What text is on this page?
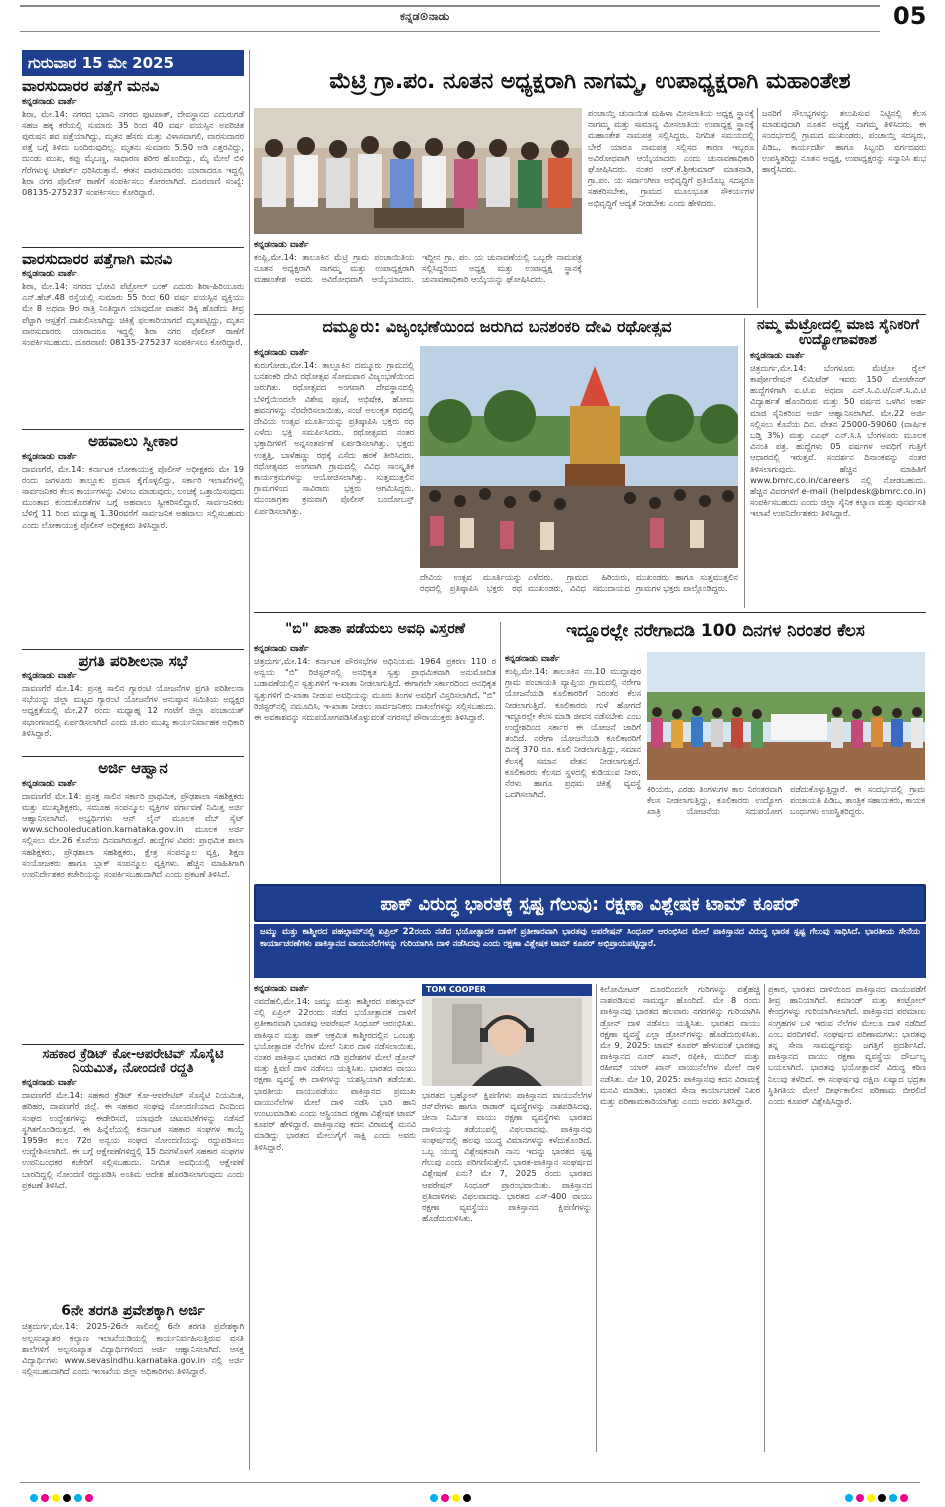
ಕನ್ನಡ⊙ನಾಡು	05
ಗುರುವಾರ 15 ಮೇ 2025
ವಾರಸುದಾರರ ಪತ್ತೆಗೆ ಮನವಿ
ಕನ್ನಡನಾಡು ವಾರ್ತೆ
ಶಿರಾ, ಮೇ.14: ನಗರದ ಭವಾನಿ ನಗರದ ಫುಟಪಾತ್, ದೇವಸ್ಥಾನದ ಎದುರುಗಡೆ ಸಹಜ ಹಕ್ಕ ಕರೆಯಲ್ಲಿ ಸುಮಾರು 35 ರಿಂದ 40 ವರ್ಷ ವಯಸ್ಸಿನ ಅಪರಿಚಿತ ಪುರುಷನ ಶವ ಪತ್ತೆಯಾಗಿದ್ದು, ಮೃತನ ಹೆಸರು ಮತ್ತು ವಿಳಾಸವಾಗಲಿ, ವಾರಸುದಾರರ ಪತ್ತೆ ಬಗ್ಗೆ ತಿಳಿದು ಬಂದಿರುವುದಿಲ್ಲ. ಮೃತನು ಸುಮಾರು 5.50 ಅಡಿ ಎತ್ತರವಿದ್ದು, ದುಂಡು ಮುಖ, ಕಪ್ಪು ಮೈಬಣ್ಣ, ಸಾಧಾರಣ ಶರೀರ ಹೊಂದಿದ್ದು, ಮೈ ಮೇಲೆ ಬಿಳಿ ಗೆರೆಗಳುಳ್ಳ ಟೀಶರ್ಟ್ ಧರಿಸಿರುತ್ತಾನೆ. ಈತನ ವಾರಸುದಾರರು ಯಾರಾದರೂ ಇದ್ದಲ್ಲಿ ಶಿರಾ ನಗರ ಪೊಲೀಸ್ ಠಾಣೆಗೆ ಸಂಪರ್ಕಿಸಲು ಕೋರಲಾಗಿದೆ. ದೂರವಾಣಿ ಸಂಖ್ಯೆ: 08135-275237 ಸಂಪರ್ಕಿಸಲು ಕೋರಿದ್ದಾರೆ.
ವಾರಸುದಾರರ ಪತ್ತೆಗಾಗಿ ಮನವಿ
ಕನ್ನಡನಾಡು ವಾರ್ತೆ
ಶಿರಾ, ಮೇ.14: ನಗರದ ಭೋವಿ ಪೆಟ್ರೋಲ್ ಬಂಕ್ ಎದುರು ಶಿರಾ-ಹಿರಿಯೂರು ಎನ್.ಹೆಚ್.48 ರಸ್ತೆಯಲ್ಲಿ ಸುಮಾರು 55 ರಿಂದ 60 ವರ್ಷ ವಯಸ್ಸಿನ ವ್ಯಕ್ತಿಯು ಮೇ 8 ಅಥವಾ 9ರ ರಾತ್ರಿ ನಿಂತಿದ್ದಾಗ ಯಾವುದೋ ವಾಹನ ಡಿಕ್ಕಿ ಹೊಡೆದು ತೀವ್ರ ಪೆಟ್ಟಾಗಿ ಆಸ್ಪತ್ರೆಗೆ ದಾಖಲಿಸಲಾಗಿದ್ದು ಚಿಕಿತ್ಸೆ ಫಲಕಾರಿಯಾಗದೆ ಮೃತಪಟ್ಟಿದ್ದು, ಮೃತನ ವಾರಸುದಾರರು ಯಾರಾದರೂ ಇದ್ದಲ್ಲಿ ಶಿರಾ ನಗರ ಪೊಲೀಸ್ ಠಾಣೆಗೆ ಸಂಪರ್ಕಿಸಬಹುದು. ದೂರವಾಣಿ: 08135-275237 ಸಂಪರ್ಕಿಸಲು ಕೋರಿದ್ದಾರೆ.
ಅಹವಾಲು ಸ್ವೀಕಾರ
ಕನ್ನಡನಾಡು ವಾರ್ತೆ
ದಾವಣಗೆರೆ, ಮೇ.14: ಕರ್ನಾಟಕ ಲೋಕಾಯುಕ್ತ ಪೊಲೀಸ್ ಅಧೀಕ್ಷಕರು ಮೇ 19 ರಂದು ಜಗಳೂರು ತಾಲ್ಲೂಕು ಪ್ರವಾಸ ಕೈಗೊಳ್ಳಲಿದ್ದು, ಸರ್ಕಾರಿ ಇಲಾಖೆಗಳಲ್ಲಿ ಸಾರ್ವಜನಿಕರ ಕೆಲಸ ಕಾರ್ಯಗಳನ್ನು ವಿಳಂಬ ಮಾಡುವುದು, ಲಂಚಕ್ಕೆ ಒತ್ತಾಯಿಸುವುದು ಮುಂತಾದ ಕುಂದುಕೊರತೆಗಳ ಬಗ್ಗೆ ಅಹವಾಲು ಸ್ವೀಕರಿಸಲಿದ್ದಾರೆ. ಸಾರ್ವಜನಿಕರು ಬೆಳಿಗ್ಗೆ 11 ರಿಂದ ಮಧ್ಯಾಹ್ನ 1.30ರವರೆಗೆ ಸಾರ್ವಜನಿಕ ಅಹವಾಲು ಸಲ್ಲಿಸಬಹುದು ಎಂದು ಲೋಕಾಯುಕ್ತ ಪೊಲೀಸ್ ಅಧೀಕ್ಷಕರು ತಿಳಿಸಿದ್ದಾರೆ.
ಪ್ರಗತಿ ಪರಿಶೀಲನಾ ಸಭೆ
ಕನ್ನಡನಾಡು ವಾರ್ತೆ
ದಾವಣಗೆರೆ ಮೇ.14: ಪ್ರಸಕ್ತ ಸಾಲಿನ ಗ್ಯಾರಂಟಿ ಯೋಜನೆಗಳ ಪ್ರಗತಿ ಪರಿಶೀಲನಾ ಸಭೆಯನ್ನು ಜಿಲ್ಲಾ ಮಟ್ಟದ ಗ್ಯಾರಂಟಿ ಯೋಜನೆಗಳ ಅನುಷ್ಠಾನ ಸಮಿತಿಯ ಅಧ್ಯಕ್ಷರ ಅಧ್ಯಕ್ಷತೆಯಲ್ಲಿ ಮೇ.27 ರಂದು ಮಧ್ಯಾಹ್ನ 12 ಗಂಟೆಗೆ ಜಿಲ್ಲಾ ಪಂಚಾಯತ್ ಸಭಾಂಗಣದಲ್ಲಿ ಏರ್ಪಡಿಸಲಾಗಿದೆ ಎಂದು ಜಿ.ಪಂ ಮುಖ್ಯ ಕಾರ್ಯನಿರ್ವಾಹಕ ಅಧಿಕಾರಿ ತಿಳಿಸಿದ್ದಾರೆ.
ಅರ್ಜಿ ಆಹ್ವಾನ
ಕನ್ನಡನಾಡು ವಾರ್ತೆ
ದಾವಣಗೆರೆ ಮೇ.14: ಪ್ರಸಕ್ತ ಸಾಲಿನ ಸರ್ಕಾರಿ ಪ್ರಾಥಮಿಕ, ಪ್ರೌಢಶಾಲಾ ಸಹಶಿಕ್ಷಕರು ಮತ್ತು ಮುಖ್ಯಶಿಕ್ಷಕರು, ಸಮೂಹ ಸಂಪನ್ಮೂಲ ವ್ಯಕ್ತಿಗಳ ವರ್ಗಾವಣೆ ನಿಮಿತ್ತ ಅರ್ಜಿ ಆಹ್ವಾನಿಸಲಾಗಿದೆ. ಅಭ್ಯರ್ಥಿಗಳು ಆನ್ ಲೈನ್ ಮೂಲಕ ವೆಬ್ ಸೈಟ್ www.schooleducation.karnataka.gov.in ಮೂಲಕ ಅರ್ಜಿ ಸಲ್ಲಿಸಲು ಮೇ.26 ಕೊನೆಯ ದಿನವಾಗಿರುತ್ತದೆ. ಹುದ್ದೆಗಳ ವಿವರ: ಪ್ರಾಥಮಿಕ ಶಾಲಾ ಸಹಶಿಕ್ಷಕರು, ಪ್ರೌಢಶಾಲಾ ಸಹಶಿಕ್ಷಕರು, ಕ್ಷೇತ್ರ ಸಂಪನ್ಮೂಲ ವ್ಯಕ್ತಿ, ಶಿಕ್ಷಣ ಸಂಯೋಜಕರು ಹಾಗೂ ಬ್ಲಾಕ್ ಸಂಪನ್ಮೂಲ ವ್ಯಕ್ತಿಗಳು. ಹೆಚ್ಚಿನ ಮಾಹಿತಿಗಾಗಿ ಉಪನಿರ್ದೇಶಕರ ಕಚೇರಿಯನ್ನು ಸಂಪರ್ಕಿಸಬಹುದಾಗಿದೆ ಎಂದು ಪ್ರಕಟಣೆ ತಿಳಿಸಿದೆ.
ಸಹಕಾರ ಕ್ರೆಡಿಟ್ ಕೋ-ಆಪರೇಟಿವ್ ಸೊಸೈಟಿ ನಿಯಮಿತ, ನೋಂದಣಿ ರದ್ದತಿ
ಕನ್ನಡನಾಡು ವಾರ್ತೆ
ದಾವಣಗೆರೆ ಮೇ.14: ಸಹಕಾರ ಕ್ರೆಡಿಟ್ ಕೋ-ಆಪರೇಟಿವ್ ಸೊಸೈಟಿ ನಿಯಮಿತ, ಹರಿಹರ, ದಾವಣಗೆರೆ ಜಿಲ್ಲೆ. ಈ ಸಹಕಾರ ಸಂಘವು ನೋಂದಣಿಯಾದ ದಿನದಿಂದ ಸಂಘದ ಉದ್ದೇಶಗಳನ್ನು ಈಡೇರಿಸದೆ, ಯಾವುದೇ ಚಟುವಟಿಕೆಗಳನ್ನು ನಡೆಸದೆ ಸ್ಥಗಿತಗೊಂಡಿರುತ್ತದೆ. ಈ ಹಿನ್ನೆಲೆಯಲ್ಲಿ ಕರ್ನಾಟಕ ಸಹಕಾರ ಸಂಘಗಳ ಕಾಯ್ದೆ 1959ರ ಕಲಂ 72ರ ಅನ್ವಯ ಸಂಘದ ನೋಂದಣಿಯನ್ನು ರದ್ದುಪಡಿಸಲು ಉದ್ದೇಶಿಸಲಾಗಿದೆ. ಈ ಬಗ್ಗೆ ಆಕ್ಷೇಪಣೆಗಳಿದ್ದಲ್ಲಿ 15 ದಿನಗಳೊಳಗೆ ಸಹಕಾರ ಸಂಘಗಳ ಉಪನಿಬಂಧಕರ ಕಚೇರಿಗೆ ಸಲ್ಲಿಸಬಹುದು. ನಿಗದಿತ ಅವಧಿಯಲ್ಲಿ ಆಕ್ಷೇಪಣೆ ಬಾರದಿದ್ದಲ್ಲಿ ನೋಂದಣಿ ರದ್ದುಪಡಿಸಿ ಅಂತಿಮ ಆದೇಶ ಹೊರಡಿಸಲಾಗುವುದು ಎಂದು ಪ್ರಕಟಣೆ ತಿಳಿಸಿದೆ.
6ನೇ ತರಗತಿ ಪ್ರವೇಶಕ್ಕಾಗಿ ಅರ್ಜಿ
ಚಿತ್ರದುರ್ಗ,ಮೇ.14: 2025-26ನೇ ಸಾಲಿನಲ್ಲಿ 6ನೇ ತರಗತಿ ಪ್ರವೇಶಕ್ಕಾಗಿ ಅಲ್ಪಸಂಖ್ಯಾತರ ಕಲ್ಯಾಣ ಇಲಾಖೆಯಡಿಯಲ್ಲಿ ಕಾರ್ಯನಿರ್ವಹಿಸುತ್ತಿರುವ ವಸತಿ ಶಾಲೆಗಳಿಗೆ ಅಲ್ಪಸಂಖ್ಯಾತ ವಿದ್ಯಾರ್ಥಿಗಳಿಂದ ಅರ್ಜಿ ಆಹ್ವಾನಿಸಲಾಗಿದೆ. ಆಸಕ್ತ ವಿದ್ಯಾರ್ಥಿಗಳು www.sevasindhu.karnataka.gov.in ನಲ್ಲಿ ಅರ್ಜಿ ಸಲ್ಲಿಸಬಹುದಾಗಿದೆ ಎಂದು ಇಲಾಖೆಯ ಜಿಲ್ಲಾ ಅಧಿಕಾರಿಗಳು ತಿಳಿಸಿದ್ದಾರೆ.
ಮೆಟ್ರಿ ಗ್ರಾ.ಪಂ. ನೂತನ ಅಧ್ಯಕ್ಷರಾಗಿ ನಾಗಮ್ಮ, ಉಪಾಧ್ಯಕ್ಷರಾಗಿ ಮಹಾಂತೇಶ
ಕನ್ನಡನಾಡು ವಾರ್ತೆ
ಕಂಪ್ಲಿ,ಮೇ.14: ತಾಲೂಕಿನ ಮೆಟ್ರಿ ಗ್ರಾಮ ಪಂಚಾಯಿತಿಯ ನೂತನ ಅಧ್ಯಕ್ಷರಾಗಿ ನಾಗಮ್ಮ ಮತ್ತು ಉಪಾಧ್ಯಕ್ಷರಾಗಿ ಮಹಾಂತೇಶ ಅವರು ಅವಿರೋಧವಾಗಿ ಆಯ್ಕೆಯಾದರು. ಇದ್ದೀನ ಗ್ರಾ. ಪಂ. ಯ ಚುನಾವಣೆಯಲ್ಲಿ ಒಬ್ಬರೇ ನಾಮಪತ್ರ ಸಲ್ಲಿಸಿದ್ದರಿಂದ ಅಧ್ಯಕ್ಷ ಮತ್ತು ಉಪಾಧ್ಯಕ್ಷ ಸ್ಥಾನಕ್ಕೆ ಚುನಾವಣಾಧಿಕಾರಿ ಆಯ್ಕೆಯನ್ನು ಘೋಷಿಸಿದರು.
ಪಂಚಾಯ್ತಿ ಚುನಾಯಿತ ಮಹಿಳಾ ಮೀಸಲಾತಿಯ ಅಧ್ಯಕ್ಷ ಸ್ಥಾನಕ್ಕೆ ನಾಗಮ್ಮ ಮತ್ತು ಸಾಮಾನ್ಯ ಮೀಸಲಾತಿಯ ಉಪಾಧ್ಯಕ್ಷ ಸ್ಥಾನಕ್ಕೆ ಮಹಾಂತೇಶ ನಾಮಪತ್ರ ಸಲ್ಲಿಸಿದ್ದರು. ನಿಗದಿತ ಸಮಯದಲ್ಲಿ ಬೇರೆ ಯಾರೂ ನಾಮಪತ್ರ ಸಲ್ಲಿಸದ ಕಾರಣ ಇಬ್ಬರೂ ಅವಿರೋಧವಾಗಿ ಆಯ್ಕೆಯಾದರು ಎಂದು ಚುನಾವಣಾಧಿಕಾರಿ ಘೋಷಿಸಿದರು. ನಂತರ ಆರ್.ಕೆ.ಶ್ರೀಕುಮಾರ್ ಮಾತನಾಡಿ, ಗ್ರಾ.ಪಂ. ಯ ಸರ್ವಾಂಗೀಣ ಅಭಿವೃದ್ಧಿಗೆ ಪ್ರತಿಯೊಬ್ಬ ಸದಸ್ಯರೂ ಸಹಕರಿಸಬೇಕು, ಗ್ರಾಮದ ಮೂಲಭೂತ ಸೌಕರ್ಯಗಳ ಅಭಿವೃದ್ಧಿಗೆ ಆದ್ಯತೆ ನೀಡಬೇಕು ಎಂದು ಹೇಳಿದರು.
ಜನರಿಗೆ ಸೌಲಭ್ಯಗಳನ್ನು ತಲುಪಿಸುವ ನಿಟ್ಟಿನಲ್ಲಿ ಕೆಲಸ ಮಾಡುವುದಾಗಿ ನೂತನ ಅಧ್ಯಕ್ಷೆ ನಾಗಮ್ಮ ತಿಳಿಸಿದರು. ಈ ಸಂದರ್ಭದಲ್ಲಿ ಗ್ರಾಮದ ಮುಖಂಡರು, ಪಂಚಾಯ್ತಿ ಸದಸ್ಯರು, ಪಿಡಿಒ, ಕಾರ್ಯದರ್ಶಿ ಹಾಗೂ ಸಿಬ್ಬಂದಿ ವರ್ಗದವರು ಉಪಸ್ಥಿತರಿದ್ದು ನೂತನ ಅಧ್ಯಕ್ಷ, ಉಪಾಧ್ಯಕ್ಷರನ್ನು ಸನ್ಮಾನಿಸಿ ಶುಭ ಹಾರೈಸಿದರು.
ದಮ್ಮೂರು: ವಿಜೃಂಭಣೆಯಿಂದ ಜರುಗಿದ ಬನಶಂಕರಿ ದೇವಿ ರಥೋತ್ಸವ
ಕನ್ನಡನಾಡು ವಾರ್ತೆ
ಕುರುಗೋಡು,ಮೇ.14: ತಾಲ್ಲೂಕಿನ ದಮ್ಮೂರು ಗ್ರಾಮದಲ್ಲಿ ಬನಶಂಕರಿ ದೇವಿ ರಥೋತ್ಸವ ಸೋಮವಾರ ವಿಜೃಂಭಣೆಯಿಂದ ಜರುಗಿತು. ರಥೋತ್ಸವದ ಅಂಗವಾಗಿ ದೇವಸ್ಥಾನದಲ್ಲಿ ಬೆಳಿಗ್ಗೆಯಿಂದಲೇ ವಿಶೇಷ ಪೂಜೆ, ಅಭಿಷೇಕ, ಹೋಮ ಹವನಗಳನ್ನು ನೆರವೇರಿಸಲಾಯಿತು. ಸಂಜೆ ಅಲಂಕೃತ ರಥದಲ್ಲಿ ದೇವಿಯ ಉತ್ಸವ ಮೂರ್ತಿಯನ್ನು ಪ್ರತಿಷ್ಠಾಪಿಸಿ ಭಕ್ತರು ರಥ ಎಳೆದು ಭಕ್ತಿ ಸಮರ್ಪಿಸಿದರು. ರಥೋತ್ಸವದ ನಂತರ ಭಕ್ತಾದಿಗಳಿಗೆ ಅನ್ನಸಂತರ್ಪಣೆ ಏರ್ಪಡಿಸಲಾಗಿತ್ತು. ಭಕ್ತರು ಉತ್ತತ್ತಿ, ಬಾಳೆಹಣ್ಣು ರಥಕ್ಕೆ ಎಸೆದು ಹರಕೆ ತೀರಿಸಿದರು. ರಥೋತ್ಸವದ ಅಂಗವಾಗಿ ಗ್ರಾಮದಲ್ಲಿ ವಿವಿಧ ಸಾಂಸ್ಕೃತಿಕ ಕಾರ್ಯಕ್ರಮಗಳನ್ನು ಆಯೋಜಿಸಲಾಗಿತ್ತು. ಸುತ್ತಮುತ್ತಲಿನ ಗ್ರಾಮಗಳಿಂದ ಸಾವಿರಾರು ಭಕ್ತರು ಆಗಮಿಸಿದ್ದರು. ಮುಂಜಾಗ್ರತಾ ಕ್ರಮವಾಗಿ ಪೊಲೀಸ್ ಬಂದೋಬಸ್ತ್ ಏರ್ಪಡಿಸಲಾಗಿತ್ತು.
ದೇವಿಯ ಉತ್ಸವ ಮೂರ್ತಿಯನ್ನು ರಥದಲ್ಲಿ ಪ್ರತಿಷ್ಠಾಪಿಸಿ ಭಕ್ತರು ರಥ ಎಳೆದರು. ಗ್ರಾಮದ ಹಿರಿಯರು, ಮುಖಂಡರು, ವಿವಿಧ ಸಮುದಾಯದ ಮುಖಂಡರು ಹಾಗೂ ಸುತ್ತಮುತ್ತಲಿನ ಗ್ರಾಮಗಳ ಭಕ್ತರು ಪಾಲ್ಗೊಂಡಿದ್ದರು.
ನಮ್ಮ ಮೆಟ್ರೋದಲ್ಲಿ ಮಾಜಿ ಸೈನಿಕರಿಗೆ ಉದ್ಯೋಗಾವಕಾಶ
ಕನ್ನಡನಾಡು ವಾರ್ತೆ
ಚಿತ್ರದುರ್ಗ,ಮೇ.14: ಬೆಂಗಳೂರು ಮೆಟ್ರೋ ರೈಲ್ ಕಾರ್ಪೋರೇಷನ್ ಲಿಮಿಟೆಡ್ ಇವರು 150 ಮೇಂಟೇನರ್ ಹುದ್ದೆಗಳಿಗಾಗಿ ಐ.ಟಿ.ಐ ಅಥವಾ ಎನ್.ಸಿ.ವಿ.ಟಿ/ಎಸ್.ಸಿ.ವಿ.ಟಿ ವಿದ್ಯಾರ್ಹತೆ ಹೊಂದಿರುವ ಮತ್ತು 50 ವರ್ಷದ ಒಳಗಿನ ಅರ್ಹ ಮಾಜಿ ಸೈನಿಕರಿಂದ ಅರ್ಜಿ ಆಹ್ವಾನಿಸಲಾಗಿದೆ. ಮೇ.22 ಅರ್ಜಿ ಸಲ್ಲಿಸಲು ಕೊನೆಯ ದಿನ. ವೇತನ 25000-59060 (ವಾರ್ಷಿಕ ಬಡ್ತಿ 3%) ಮತ್ತು ಎಎಫ್ ಎನ್.ಸಿ.ಸಿ ಬೆಂಗಳೂರು ಮೂಲಕ ವಿನಂತಿ ಪತ್ರ. ಹುದ್ದೆಗಳು 05 ವರ್ಷಗಳ ಅವಧಿಗೆ ಗುತ್ತಿಗೆ ಆಧಾರದಲ್ಲಿ ಇರುತ್ತವೆ. ಸಂದರ್ಶನ ದಿನಾಂಕವನ್ನು ನಂತರ ತಿಳಿಸಲಾಗುವುದು. ಹೆಚ್ಚಿನ ಮಾಹಿತಿಗೆ www.bmrc.co.in/careers ನಲ್ಲಿ ನೋಡಬಹುದು. ಹೆಚ್ಚಿನ ವಿವರಗಳಿಗೆ e-mail (helpdesk@bmrc.co.in) ಸಂಪರ್ಕಿಸಬಹುದು ಎಂದು ಜಿಲ್ಲಾ ಸೈನಿಕ ಕಲ್ಯಾಣ ಮತ್ತು ಪುನರ್ವಸತಿ ಇಲಾಖೆ ಉಪನಿರ್ದೇಶಕರು ತಿಳಿಸಿದ್ದಾರೆ.
"ಬಿ" ಖಾತಾ ಪಡೆಯಲು ಅವಧಿ ವಿಸ್ತರಣೆ
ಕನ್ನಡನಾಡು ವಾರ್ತೆ
ಚಿತ್ರದುರ್ಗ,ಮೇ.14: ಕರ್ನಾಟಕ ಪೌರಸಭೆಗಳ ಅಧಿನಿಯಮ 1964 ಪ್ರಕರಣ 110 ರ ಅನ್ವಯ "ಬಿ" ರಿಜಿಸ್ಟರ್‌ನಲ್ಲಿ ಅನಧಿಕೃತ ಸ್ವತ್ತು ಪ್ರಾಥಮಿಕವಾಗಿ ಅನುಮೋದಿತ ಬಡಾವಣೆಯಲ್ಲಿನ ಸ್ವತ್ತುಗಳಿಗೆ ಇ-ಖಾತಾ ನೀಡಲಾಗುತ್ತಿದೆ. ಈಗಾಗಲೇ ಸರ್ಕಾರದಿಂದ ಅನಧಿಕೃತ ಸ್ವತ್ತುಗಳಿಗೆ ಬಿ-ಖಾತಾ ನೀಡುವ ಅವಧಿಯನ್ನು ಮೂರು ತಿಂಗಳ ಅವಧಿಗೆ ವಿಸ್ತರಿಸಲಾಗಿದೆ. "ಬಿ" ರಿಜಿಸ್ಟರ್‌ನಲ್ಲಿ ನಮೂದಿಸಿ, ಇ-ಖಾತಾ ನೀಡಲು ಸಾರ್ವಜನಿಕರು ದಾಖಲೆಗಳನ್ನು ಸಲ್ಲಿಸಬಹುದು. ಈ ಅವಕಾಶವನ್ನು ಸದುಪಯೋಗಪಡಿಸಿಕೊಳ್ಳುವಂತೆ ನಗರಸಭೆ ಪೌರಾಯುಕ್ತರು ತಿಳಿಸಿದ್ದಾರೆ.
ಇದ್ದೂರಲ್ಲೇ ನರೇಗಾದಡಿ 100 ದಿನಗಳ ನಿರಂತರ ಕೆಲಸ
ಕನ್ನಡನಾಡು ವಾರ್ತೆ
ಕಂಪ್ಲಿ,ಮೇ.14: ತಾಲೂಕಿನ ನಂ.10 ಮುದ್ದಾಪುರ ಗ್ರಾಮ ಪಂಚಾಯತಿ ವ್ಯಾಪ್ತಿಯ ಗ್ರಾಮದಲ್ಲಿ ನರೇಗಾ ಯೋಜನೆಯಡಿ ಕೂಲಿಕಾರರಿಗೆ ನಿರಂತರ ಕೆಲಸ ನೀಡಲಾಗುತ್ತಿದೆ. ಕೂಲಿಕಾರರು ಗುಳೆ ಹೋಗದೆ ಇದ್ದೂರಲ್ಲೇ ಕೆಲಸ ಮಾಡಿ ಜೀವನ ನಡೆಸಬೇಕು ಎಂಬ ಉದ್ದೇಶದಿಂದ ಸರ್ಕಾರ ಈ ಯೋಜನೆ ಜಾರಿಗೆ ತಂದಿದೆ. ನರೇಗಾ ಯೋಜನೆಯಡಿ ಕೂಲಿಕಾರರಿಗೆ ದಿನಕ್ಕೆ 370 ರೂ. ಕೂಲಿ ನೀಡಲಾಗುತ್ತಿದ್ದು, ಸಮಾನ ಕೆಲಸಕ್ಕೆ ಸಮಾನ ವೇತನ ನೀಡಲಾಗುತ್ತದೆ. ಕೂಲಿಕಾರರು ಕೆಲಸದ ಸ್ಥಳದಲ್ಲಿ ಕುಡಿಯುವ ನೀರು, ನೆರಳು ಹಾಗೂ ಪ್ರಥಮ ಚಿಕಿತ್ಸೆ ವ್ಯವಸ್ಥೆ ಒದಗಿಸಲಾಗಿದೆ.
ಕಿರಿಯರು, ಎರಡು ತಿಂಗಳುಗಳ ಕಾಲ ನಿರಂತರವಾಗಿ ಕೆಲಸ ನೀಡಲಾಗುತ್ತಿದ್ದು, ಕೂಲಿಕಾರರು ಉದ್ಯೋಗ ಖಾತ್ರಿ ಯೋಜನೆಯ ಸದುಪಯೋಗ ಪಡೆದುಕೊಳ್ಳುತ್ತಿದ್ದಾರೆ. ಈ ಸಂದರ್ಭದಲ್ಲಿ ಗ್ರಾಮ ಪಂಚಾಯತಿ ಪಿಡಿಒ, ತಾಂತ್ರಿಕ ಸಹಾಯಕರು, ಕಾಯಕ ಬಂಧುಗಳು ಉಪಸ್ಥಿತರಿದ್ದರು.
ಪಾಕ್ ವಿರುದ್ಧ ಭಾರತಕ್ಕೆ ಸ್ಪಷ್ಟ ಗೆಲುವು: ರಕ್ಷಣಾ ವಿಶ್ಲೇಷಕ ಟಾಮ್ ಕೂಪರ್
ಜಮ್ಮು ಮತ್ತು ಕಾಶ್ಮೀರದ ಪಹಲ್ಗಾಮ್‌ನಲ್ಲಿ ಏಪ್ರಿಲ್ 22ರಂದು ನಡೆದ ಭಯೋತ್ಪಾದಕ ದಾಳಿಗೆ ಪ್ರತೀಕಾರವಾಗಿ ಭಾರತವು ಆಪರೇಷನ್ ಸಿಂಧೂರ್ ಆರಂಭಿಸಿದ ಮೇಲೆ ಪಾಕಿಸ್ತಾನದ ವಿರುದ್ಧ ಭಾರತ ಸ್ಪಷ್ಟ ಗೆಲುವು ಸಾಧಿಸಿದೆ. ಭಾರತೀಯ ಸೇನೆಯ ಕಾರ್ಯಾಚರಣೆಗಳು ಪಾಕಿಸ್ತಾನದ ವಾಯುನೆಲೆಗಳನ್ನು ಗುರಿಯಾಗಿಸಿ ದಾಳಿ ನಡೆಸಿದವು ಎಂದು ರಕ್ಷಣಾ ವಿಶ್ಲೇಷಕ ಟಾಮ್ ಕೂಪರ್ ಅಭಿಪ್ರಾಯಪಟ್ಟಿದ್ದಾರೆ.
ಕನ್ನಡನಾಡು ವಾರ್ತೆ
ನವದೆಹಲಿ,ಮೇ.14: ಜಮ್ಮು ಮತ್ತು ಕಾಶ್ಮೀರದ ಪಹಲ್ಗಾಮ್ ನಲ್ಲಿ ಏಪ್ರಿಲ್ 22ರಂದು ನಡೆದ ಭಯೋತ್ಪಾದಕ ದಾಳಿಗೆ ಪ್ರತೀಕಾರವಾಗಿ ಭಾರತವು ಆಪರೇಷನ್ ಸಿಂಧೂರ್ ಆರಂಭಿಸಿತು. ಪಾಕಿಸ್ತಾನ ಮತ್ತು ಪಾಕ್ ಆಕ್ರಮಿತ ಕಾಶ್ಮೀರದಲ್ಲಿನ ಒಂಬತ್ತು ಭಯೋತ್ಪಾದಕ ನೆಲೆಗಳ ಮೇಲೆ ನಿಖರ ದಾಳಿ ನಡೆಸಲಾಯಿತು. ನಂತರ ಪಾಕಿಸ್ತಾನ ಭಾರತದ ಗಡಿ ಪ್ರದೇಶಗಳ ಮೇಲೆ ಡ್ರೋನ್ ಮತ್ತು ಕ್ಷಿಪಣಿ ದಾಳಿ ನಡೆಸಲು ಯತ್ನಿಸಿತು. ಭಾರತದ ವಾಯು ರಕ್ಷಣಾ ವ್ಯವಸ್ಥೆ ಈ ದಾಳಿಗಳನ್ನು ಯಶಸ್ವಿಯಾಗಿ ತಡೆಯಿತು. ಭಾರತೀಯ ವಾಯುಪಡೆಯು ಪಾಕಿಸ್ತಾನದ ಪ್ರಮುಖ ವಾಯುನೆಲೆಗಳ ಮೇಲೆ ದಾಳಿ ನಡೆಸಿ ಭಾರಿ ಹಾನಿ ಉಂಟುಮಾಡಿತು ಎಂದು ಆಸ್ಟ್ರಿಯಾದ ರಕ್ಷಣಾ ವಿಶ್ಲೇಷಕ ಟಾಮ್ ಕೂಪರ್ ಹೇಳಿದ್ದಾರೆ. ಪಾಕಿಸ್ತಾನವು ಕದನ ವಿರಾಮಕ್ಕೆ ಮನವಿ ಮಾಡಿದ್ದು ಭಾರತದ ಮೇಲುಗೈಗೆ ಸಾಕ್ಷಿ ಎಂದು ಅವರು ತಿಳಿಸಿದ್ದಾರೆ.
TOM COOPER
ಭಾರತದ ಬ್ರಹ್ಮೋಸ್ ಕ್ಷಿಪಣಿಗಳು ಪಾಕಿಸ್ತಾನದ ವಾಯುನೆಲೆಗಳ ರನ್‌ವೇಗಳು ಹಾಗೂ ರಾಡಾರ್ ವ್ಯವಸ್ಥೆಗಳನ್ನು ನಾಶಪಡಿಸಿದವು. ಚೀನಾ ನಿರ್ಮಿತ ವಾಯು ರಕ್ಷಣಾ ವ್ಯವಸ್ಥೆಗಳು ಭಾರತದ ದಾಳಿಯನ್ನು ತಡೆಯುವಲ್ಲಿ ವಿಫಲವಾದವು. ಪಾಕಿಸ್ತಾನವು ಸಂಘರ್ಷದಲ್ಲಿ ಹಲವು ಯುದ್ಧ ವಿಮಾನಗಳನ್ನು ಕಳೆದುಕೊಂಡಿದೆ. ಒಬ್ಬ ಯುದ್ಧ ವಿಶ್ಲೇಷಕನಾಗಿ ನಾನು ಇದನ್ನು ಭಾರತದ ಸ್ಪಷ್ಟ ಗೆಲುವು ಎಂದು ಪರಿಗಣಿಸುತ್ತೇನೆ. ಭಾರತ-ಪಾಕಿಸ್ತಾನ ಸಂಘರ್ಷದ ವಿಶ್ಲೇಷಣೆ ಏನು? ಮೇ 7, 2025 ರಂದು ಭಾರತದ ಆಪರೇಷನ್ ಸಿಂಧೂರ್ ಪ್ರಾರಂಭವಾಯಿತು. ಪಾಕಿಸ್ತಾನದ ಪ್ರತಿದಾಳಿಗಳು ವಿಫಲವಾದವು. ಭಾರತದ ಎಸ್-400 ವಾಯು ರಕ್ಷಣಾ ವ್ಯವಸ್ಥೆಯು ಪಾಕಿಸ್ತಾನದ ಕ್ಷಿಪಣಿಗಳನ್ನು ಹೊಡೆದುರುಳಿಸಿತು.
ಕಿಲೋಮೀಟರ್ ದೂರದಿಂದಲೇ ಗುರಿಗಳನ್ನು ಪತ್ತೆಹಚ್ಚಿ ನಾಶಪಡಿಸುವ ಸಾಮರ್ಥ್ಯ ಹೊಂದಿದೆ. ಮೇ 8 ರಂದು ಪಾಕಿಸ್ತಾನವು ಭಾರತದ ಹಲವಾರು ನಗರಗಳನ್ನು ಗುರಿಯಾಗಿಸಿ ಡ್ರೋನ್ ದಾಳಿ ನಡೆಸಲು ಯತ್ನಿಸಿತು. ಭಾರತದ ವಾಯು ರಕ್ಷಣಾ ವ್ಯವಸ್ಥೆ ಎಲ್ಲಾ ಡ್ರೋನ್‌ಗಳನ್ನು ಹೊಡೆದುರುಳಿಸಿತು. ಮೇ 9, 2025: ಟಾಮ್ ಕೂಪರ್ ಹೇಳುವಂತೆ ಭಾರತವು ಪಾಕಿಸ್ತಾನದ ನೂರ್ ಖಾನ್, ರಫೀಕಿ, ಮುರಿದ್ ಮತ್ತು ರಹೀಮ್ ಯಾರ್ ಖಾನ್ ವಾಯುನೆಲೆಗಳ ಮೇಲೆ ದಾಳಿ ನಡೆಸಿತು. ಮೇ 10, 2025: ಪಾಕಿಸ್ತಾನವು ಕದನ ವಿರಾಮಕ್ಕೆ ಮನವಿ ಮಾಡಿತು. ಭಾರತದ ಸೇನಾ ಕಾರ್ಯಾಚರಣೆ ನಿಖರ ಮತ್ತು ಪರಿಣಾಮಕಾರಿಯಾಗಿತ್ತು ಎಂದು ಅವರು ತಿಳಿಸಿದ್ದಾರೆ.
ಪ್ರಕಾರ, ಭಾರತದ ದಾಳಿಯಿಂದ ಪಾಕಿಸ್ತಾನದ ವಾಯುಪಡೆಗೆ ತೀವ್ರ ಹಾನಿಯಾಗಿದೆ. ಕಮಾಂಡ್ ಮತ್ತು ಕಂಟ್ರೋಲ್ ಕೇಂದ್ರಗಳನ್ನು ಗುರಿಯಾಗಿಸಲಾಗಿದೆ. ಪಾಕಿಸ್ತಾನದ ಪರಮಾಣು ಸಂಗ್ರಹಗಳ ಬಳಿ ಇರುವ ನೆಲೆಗಳ ಮೇಲೂ ದಾಳಿ ನಡೆದಿದೆ ಎಂಬ ವರದಿಗಳಿವೆ. ಸಂಘರ್ಷದ ಪರಿಣಾಮಗಳು: ಭಾರತವು ತನ್ನ ಸೇನಾ ಸಾಮರ್ಥ್ಯವನ್ನು ಜಗತ್ತಿಗೆ ಪ್ರದರ್ಶಿಸಿದೆ. ಪಾಕಿಸ್ತಾನದ ವಾಯು ರಕ್ಷಣಾ ವ್ಯವಸ್ಥೆಯ ದೌರ್ಬಲ್ಯ ಬಯಲಾಗಿದೆ. ಭಾರತವು ಭಯೋತ್ಪಾದನೆ ವಿರುದ್ಧ ಕಠಿಣ ನಿಲುವು ತಳೆದಿದೆ. ಈ ಸಂಘರ್ಷವು ದಕ್ಷಿಣ ಏಷ್ಯಾದ ಭದ್ರತಾ ಸ್ಥಿತಿಗತಿಯ ಮೇಲೆ ದೀರ್ಘಕಾಲೀನ ಪರಿಣಾಮ ಬೀರಲಿದೆ ಎಂದು ಕೂಪರ್ ವಿಶ್ಲೇಷಿಸಿದ್ದಾರೆ.
